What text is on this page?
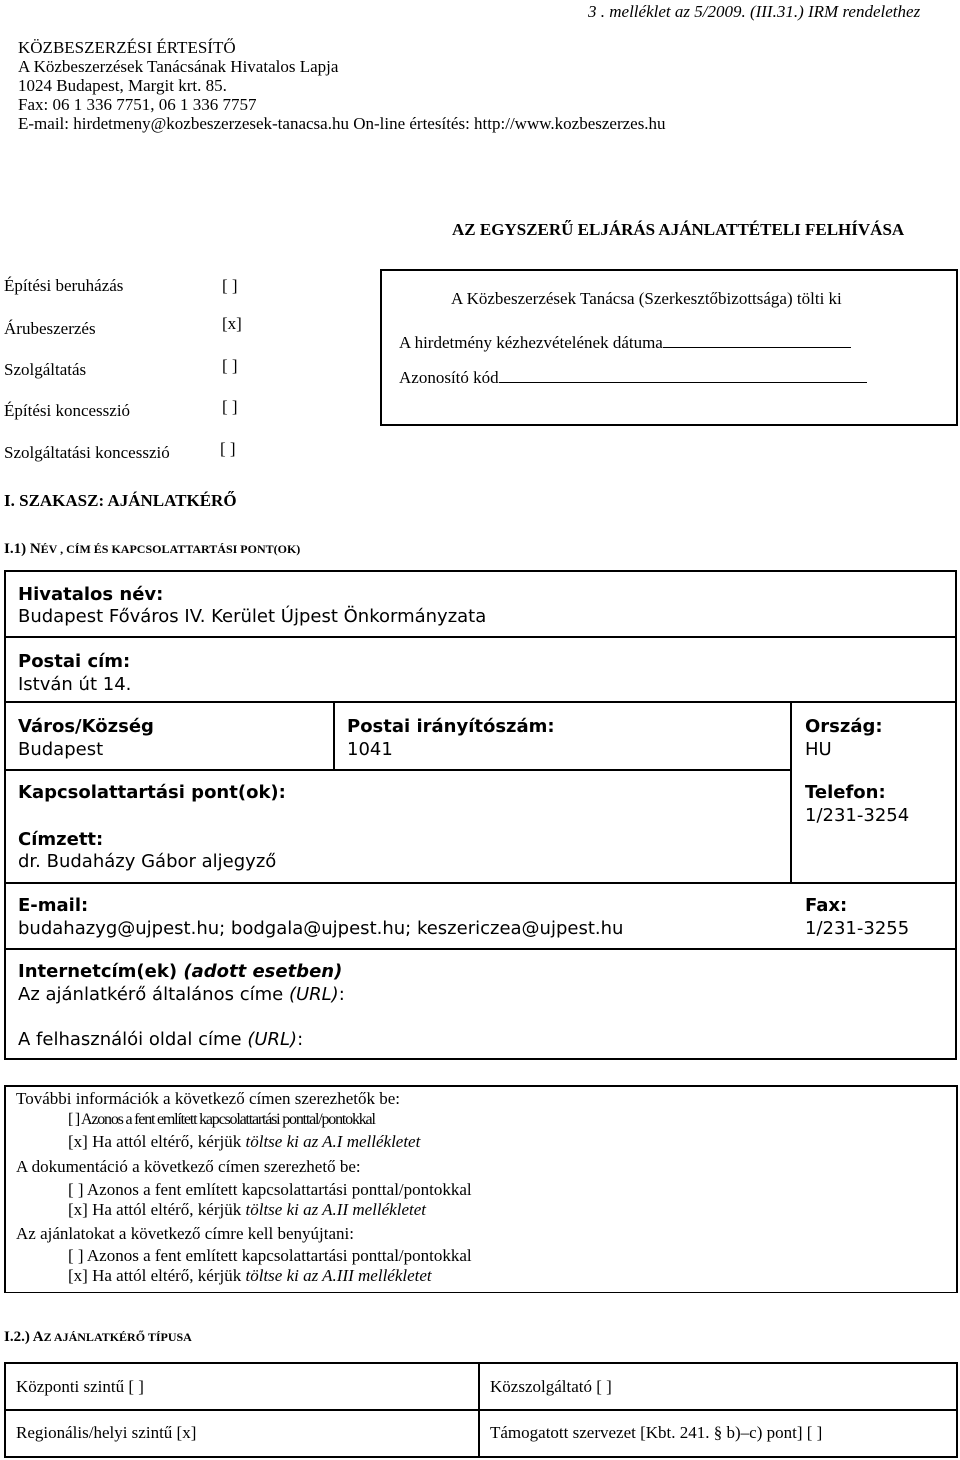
3 . melléklet az 5/2009. (III.31.) IRM rendelethez
KÖZBESZERZÉSI ÉRTESÍTŐ
A Közbeszerzések Tanácsának Hivatalos Lapja
1024 Budapest, Margit krt. 85.
Fax: 06 1 336 7751, 06 1 336 7757
E-mail: hirdetmeny@kozbeszerzesek-tanacsa.hu On-line értesítés: http://www.kozbeszerzes.hu
AZ EGYSZERŰ ELJÁRÁS AJÁNLATTÉTELI FELHÍVÁSA
Építési beruházás	[ ]
Árubeszerzés	[x]
Szolgáltatás	[ ]
Építési koncesszió	[ ]
Szolgáltatási koncesszió	[ ]
A Közbeszerzések Tanácsa (Szerkesztőbizottsága) tölti ki
A hirdetmény kézhezvételének dátuma
Azonosító kód
I. SZAKASZ: AJÁNLATKÉRŐ
I.1) NÉV , CÍM ÉS KAPCSOLATTARTÁSI PONT(OK)
Hivatalos név:
Budapest Főváros IV. Kerület Újpest Önkormányzata
Postai cím:
István út 14.
Város/Község
Budapest
Postai irányítószám:
1041
Ország:
HU
Kapcsolattartási pont(ok):
Címzett:
dr. Budaházy Gábor aljegyző
Telefon:
1/231-3254
E-mail:
budahazyg@ujpest.hu; bodgala@ujpest.hu; keszericzea@ujpest.hu
Fax:
1/231-3255
Internetcím(ek) (adott esetben)
Az ajánlatkérő általános címe (URL):
A felhasználói oldal címe (URL):
További információk a következő címen szerezhetők be:
[ ] Azonos a fent említett kapcsolattartási ponttal/pontokkal
[x] Ha attól eltérő, kérjük töltse ki az A.I mellékletet
A dokumentáció a következő címen szerezhető be:
[ ] Azonos a fent említett kapcsolattartási ponttal/pontokkal
[x] Ha attól eltérő, kérjük töltse ki az A.II mellékletet
Az ajánlatokat a következő címre kell benyújtani:
[ ] Azonos a fent említett kapcsolattartási ponttal/pontokkal
[x] Ha attól eltérő, kérjük töltse ki az A.III mellékletet
I.2.) AZ AJÁNLATKÉRŐ TÍPUSA
Központi szintű [ ]	Közszolgáltató [ ]
Regionális/helyi szintű [x]	Támogatott szervezet [Kbt. 241. § b)–c) pont] [ ]
